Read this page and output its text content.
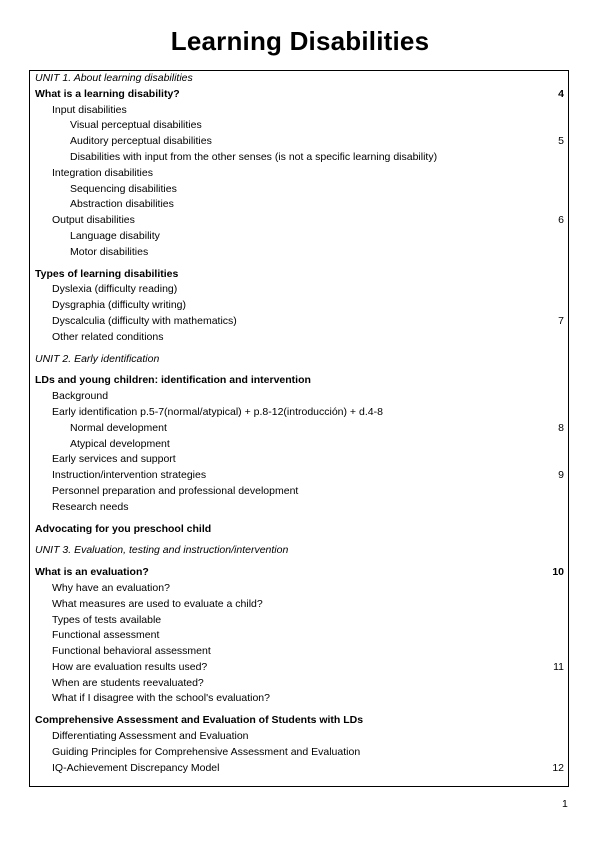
Learning Disabilities
UNIT 1. About learning disabilities
What is a learning disability?	4
Input disabilities
Visual perceptual disabilities
Auditory perceptual disabilities	5
Disabilities with input from the other senses (is not a specific learning disability)
Integration disabilities
Sequencing disabilities
Abstraction disabilities
Output disabilities	6
Language disability
Motor disabilities
Types of learning disabilities
Dyslexia (difficulty reading)
Dysgraphia (difficulty writing)
Dyscalculia (difficulty with mathematics)	7
Other related conditions
UNIT 2. Early identification
LDs and young children: identification and intervention
Background
Early identification p.5-7(normal/atypical) + p.8-12(introducción) + d.4-8
Normal development	8
Atypical development
Early services and support
Instruction/intervention strategies	9
Personnel preparation and professional development
Research needs
Advocating for you preschool child
UNIT 3. Evaluation, testing and instruction/intervention
What is an evaluation?	10
Why have an evaluation?
What measures are used to evaluate a child?
Types of tests available
Functional assessment
Functional behavioral assessment
How are evaluation results used?	11
When are students reevaluated?
What if I disagree with the school's evaluation?
Comprehensive Assessment and Evaluation of Students with LDs
Differentiating Assessment and Evaluation
Guiding Principles for Comprehensive Assessment and Evaluation
IQ-Achievement Discrepancy Model	12
1
